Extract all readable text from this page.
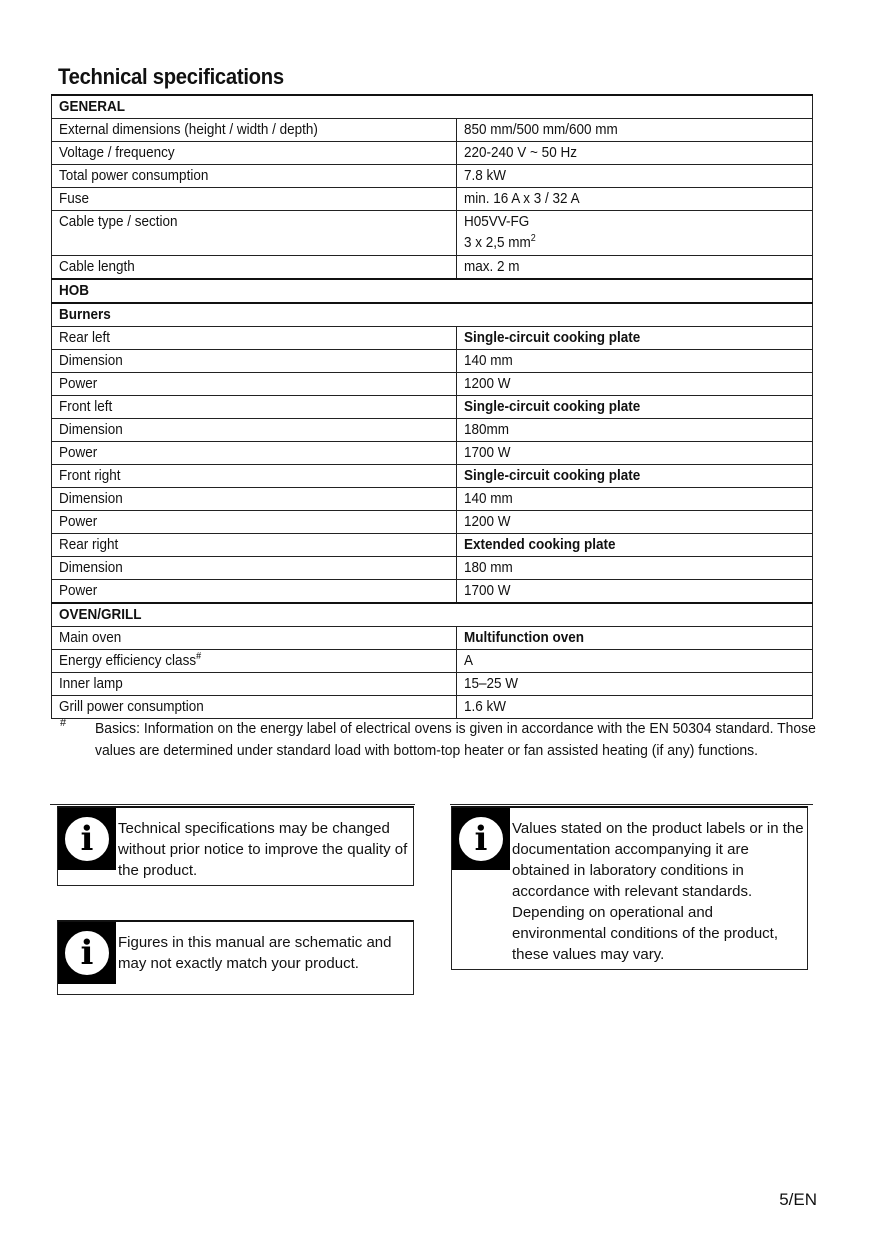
Technical specifications
GENERAL	
External dimensions (height / width / depth)	850 mm/500 mm/600 mm
Voltage / frequency	220-240 V ~ 50 Hz
Total power consumption	7.8 kW
Fuse	min. 16 A x 3 / 32 A
Cable type / section	H05VV-FG
3 x 2,5 $mm^2$
Cable length	max. 2 m
HOB	
Burners	
Rear left	Single-circuit cooking plate
Dimension	140 mm
Power	1200 W
Front left	Single-circuit cooking plate
Dimension	180mm
Power	1700 W
Front right	Single-circuit cooking plate
Dimension	140 mm
Power	1200 W
Rear right	Extended cooking plate
Dimension	180 mm
Power	1700 W
OVEN/GRILL	
Main oven	Multifunction oven
Energy efficiency class#	A
Inner lamp	15–25 W
Grill power consumption	1.6 kW
# Basics: Information on the energy label of electrical ovens is given in accordance with the EN 50304 standard. Those values are determined under standard load with bottom-top heater or fan assisted heating (if any) functions.
i	Technical specifications may be changed without prior notice to improve the quality of the product.
i	Figures in this manual are schematic and may not exactly match your product.
i	Values stated on the product labels or in the documentation accompanying it are obtained in laboratory conditions in accordance with relevant standards. Depending on operational and environmental conditions of the product, these values may vary.
5/EN
